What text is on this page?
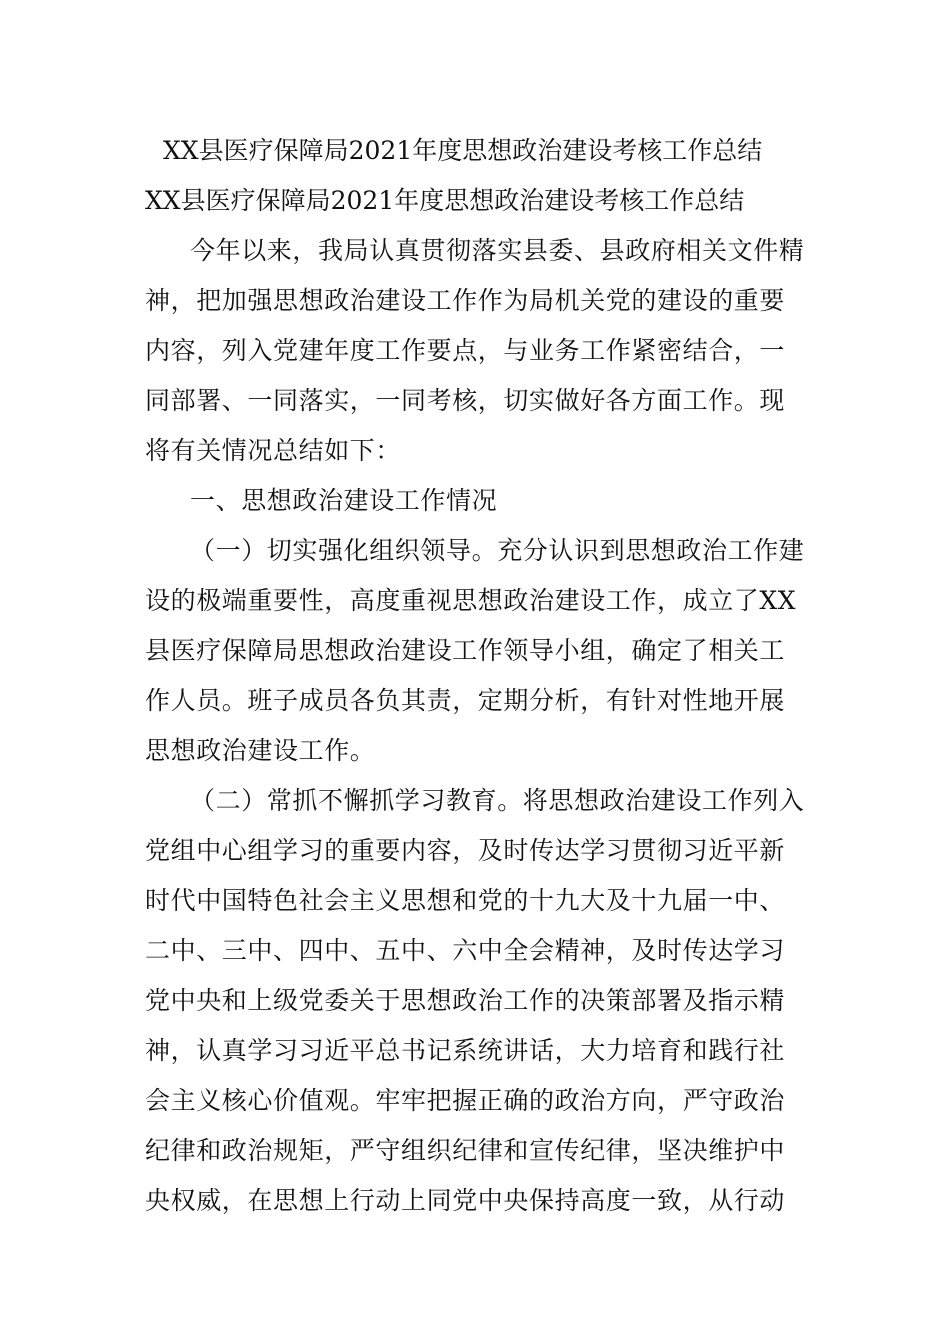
XX县医疗保障局2021年度思想政治建设考核工作总结
XX县医疗保障局2021年度思想政治建设考核工作总结
今年以来，我局认真贯彻落实县委、县政府相关文件精
神，把加强思想政治建设工作作为局机关党的建设的重要
内容，列入党建年度工作要点，与业务工作紧密结合，一
同部署、一同落实，一同考核，切实做好各方面工作。现
将有关情况总结如下：
一、思想政治建设工作情况
（一）切实强化组织领导。充分认识到思想政治工作建
设的极端重要性，高度重视思想政治建设工作，成立了XX
县医疗保障局思想政治建设工作领导小组，确定了相关工
作人员。班子成员各负其责，定期分析，有针对性地开展
思想政治建设工作。
（二）常抓不懈抓学习教育。将思想政治建设工作列入
党组中心组学习的重要内容，及时传达学习贯彻习近平新
时代中国特色社会主义思想和党的十九大及十九届一中、
二中、三中、四中、五中、六中全会精神，及时传达学习
党中央和上级党委关于思想政治工作的决策部署及指示精
神，认真学习习近平总书记系统讲话，大力培育和践行社
会主义核心价值观。牢牢把握正确的政治方向，严守政治
纪律和政治规矩，严守组织纪律和宣传纪律，坚决维护中
央权威，在思想上行动上同党中央保持高度一致，从行动
